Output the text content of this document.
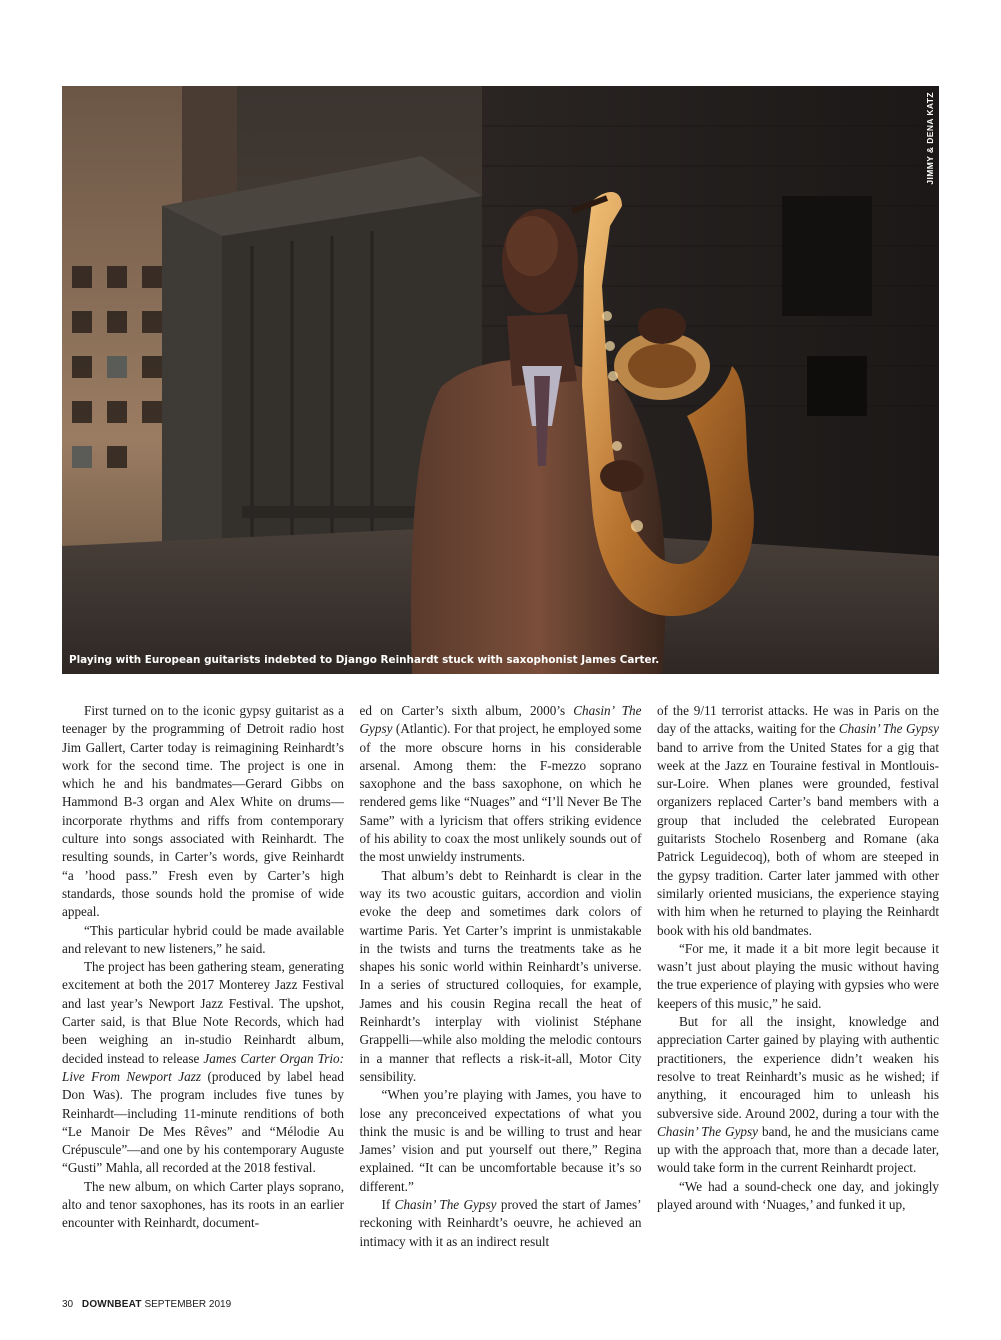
JIMMY & DENA KATZ
Playing with European guitarists indebted to Django Reinhardt stuck with saxophonist James Carter.

First turned on to the iconic gypsy guitarist as a teenager by the programming of Detroit radio host Jim Gallert, Carter today is reimagining Reinhardt’s work for the second time. The project is one in which he and his bandmates—Gerard Gibbs on Hammond B-3 organ and Alex White on drums—incorporate rhythms and riffs from contemporary culture into songs associated with Reinhardt. The resulting sounds, in Carter’s words, give Reinhardt “a ’hood pass.” Fresh even by Carter’s high standards, those sounds hold the promise of wide appeal.

“This particular hybrid could be made available and relevant to new listeners,” he said.

The project has been gathering steam, generating excitement at both the 2017 Monterey Jazz Festival and last year’s Newport Jazz Festival. The upshot, Carter said, is that Blue Note Records, which had been weighing an in-studio Reinhardt album, decided instead to release James Carter Organ Trio: Live From Newport Jazz (produced by label head Don Was). The program includes five tunes by Reinhardt—including 11-minute renditions of both “Le Manoir De Mes Rêves” and “Mélodie Au Crépuscule”—and one by his contemporary Auguste “Gusti” Mahla, all recorded at the 2018 festival.

The new album, on which Carter plays soprano, alto and tenor saxophones, has its roots in an earlier encounter with Reinhardt, document-

ed on Carter’s sixth album, 2000’s Chasin’ The Gypsy (Atlantic). For that project, he employed some of the more obscure horns in his considerable arsenal. Among them: the F-mezzo soprano saxophone and the bass saxophone, on which he rendered gems like “Nuages” and “I’ll Never Be The Same” with a lyricism that offers striking evidence of his ability to coax the most unlikely sounds out of the most unwieldy instruments.

That album’s debt to Reinhardt is clear in the way its two acoustic guitars, accordion and violin evoke the deep and sometimes dark colors of wartime Paris. Yet Carter’s imprint is unmistakable in the twists and turns the treatments take as he shapes his sonic world within Reinhardt’s universe. In a series of structured colloquies, for example, James and his cousin Regina recall the heat of Reinhardt’s interplay with violinist Stéphane Grappelli—while also molding the melodic contours in a manner that reflects a risk-it-all, Motor City sensibility.

“When you’re playing with James, you have to lose any preconceived expectations of what you think the music is and be willing to trust and hear James’ vision and put yourself out there,” Regina explained. “It can be uncomfortable because it’s so different.”

If Chasin’ The Gypsy proved the start of James’ reckoning with Reinhardt’s oeuvre, he achieved an intimacy with it as an indirect result

of the 9/11 terrorist attacks. He was in Paris on the day of the attacks, waiting for the Chasin’ The Gypsy band to arrive from the United States for a gig that week at the Jazz en Touraine festival in Montlouis-sur-Loire. When planes were grounded, festival organizers replaced Carter’s band members with a group that included the celebrated European guitarists Stochelo Rosenberg and Romane (aka Patrick Leguidecoq), both of whom are steeped in the gypsy tradition. Carter later jammed with other similarly oriented musicians, the experience staying with him when he returned to playing the Reinhardt book with his old bandmates.

“For me, it made it a bit more legit because it wasn’t just about playing the music without having the true experience of playing with gypsies who were keepers of this music,” he said.

But for all the insight, knowledge and appreciation Carter gained by playing with authentic practitioners, the experience didn’t weaken his resolve to treat Reinhardt’s music as he wished; if anything, it encouraged him to unleash his subversive side. Around 2002, during a tour with the Chasin’ The Gypsy band, he and the musicians came up with the approach that, more than a decade later, would take form in the current Reinhardt project.

“We had a sound-check one day, and jokingly played around with ‘Nuages,’ and funked it up,

30 DOWNBEAT SEPTEMBER 2019
